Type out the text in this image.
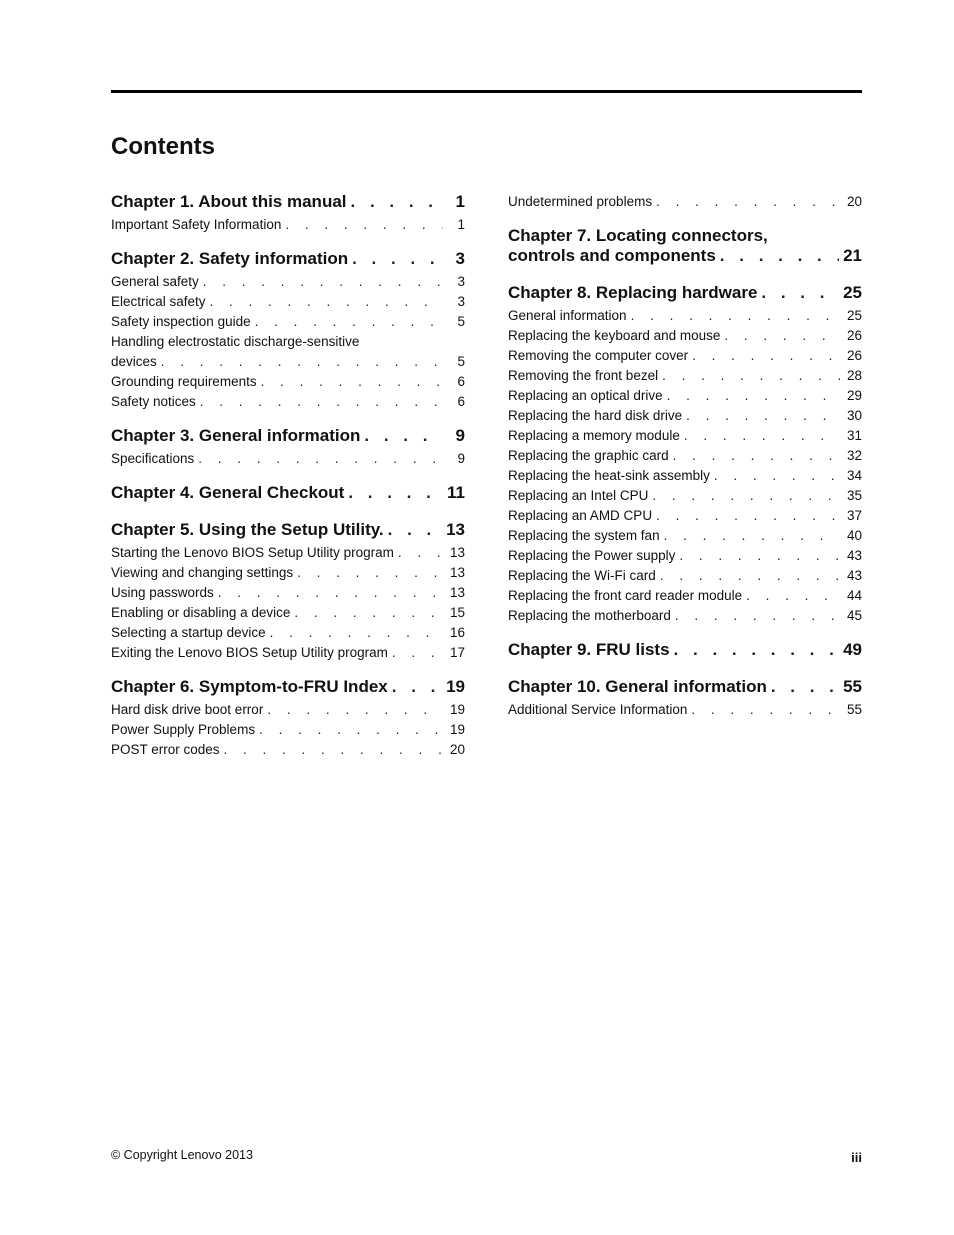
Contents
Chapter 1. About this manual . . .	1
Important Safety Information . . .	1
Chapter 2. Safety information . . .	3
General safety . . .	3
Electrical safety . . .	3
Safety inspection guide . . .	5
Handling electrostatic discharge-sensitive
devices . . .	5
Grounding requirements . . .	6
Safety notices . . .	6
Chapter 3. General information . . .	9
Specifications . . .	9
Chapter 4. General Checkout . . .	11
Chapter 5. Using the Setup Utility. . . .	13
Starting the Lenovo BIOS Setup Utility program . . .	13
Viewing and changing settings . . .	13
Using passwords . . .	13
Enabling or disabling a device . . .	15
Selecting a startup device . . .	16
Exiting the Lenovo BIOS Setup Utility program . . .	17
Chapter 6. Symptom-to-FRU Index . . .	19
Hard disk drive boot error . . .	19
Power Supply Problems . . .	19
POST error codes . . .	20
Undetermined problems . . .	20
Chapter 7. Locating connectors,
controls and components . . .	21
Chapter 8. Replacing hardware . . .	25
General information . . .	25
Replacing the keyboard and mouse . . .	26
Removing the computer cover . . .	26
Removing the front bezel . . .	28
Replacing an optical drive . . .	29
Replacing the hard disk drive . . .	30
Replacing a memory module . . .	31
Replacing the graphic card . . .	32
Replacing the heat-sink assembly . . .	34
Replacing an Intel CPU . . .	35
Replacing an AMD CPU . . .	37
Replacing the system fan . . .	40
Replacing the Power supply . . .	43
Replacing the Wi-Fi card . . .	43
Replacing the front card reader module . . .	44
Replacing the motherboard . . .	45
Chapter 9. FRU lists . . .	49
Chapter 10. General information . . .	55
Additional Service Information . . .	55
© Copyright Lenovo 2013	iii
